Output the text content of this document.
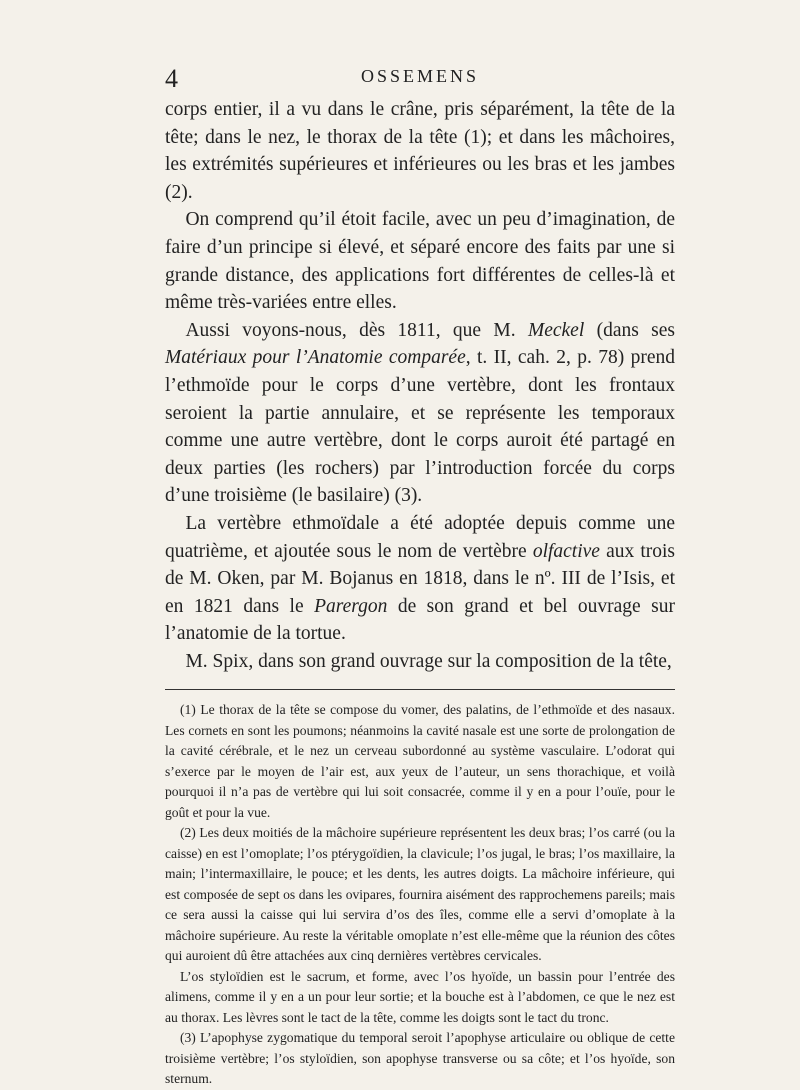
4	OSSEMENS

corps entier, il a vu dans le crâne, pris séparément, la tête de la tête; dans le nez, le thorax de la tête (1); et dans les mâchoires, les extrémités supérieures et inférieures ou les bras et les jambes (2).

On comprend qu’il étoit facile, avec un peu d’imagination, de faire d’un principe si élevé, et séparé encore des faits par une si grande distance, des applications fort différentes de celles-là et même très-variées entre elles.

Aussi voyons-nous, dès 1811, que M. Meckel (dans ses Matériaux pour l’Anatomie comparée, t. II, cah. 2, p. 78) prend l’ethmoïde pour le corps d’une vertèbre, dont les frontaux seroient la partie annulaire, et se représente les temporaux comme une autre vertèbre, dont le corps auroit été partagé en deux parties (les rochers) par l’introduction forcée du corps d’une troisième (le basilaire) (3).

La vertèbre ethmoïdale a été adoptée depuis comme une quatrième, et ajoutée sous le nom de vertèbre olfactive aux trois de M. Oken, par M. Bojanus en 1818, dans le nº. III de l’Isis, et en 1821 dans le Parergon de son grand et bel ouvrage sur l’anatomie de la tortue.

M. Spix, dans son grand ouvrage sur la composition de la tête,

(1) Le thorax de la tête se compose du vomer, des palatins, de l’ethmoïde et des nasaux. Les cornets en sont les poumons; néanmoins la cavité nasale est une sorte de prolongation de la cavité cérébrale, et le nez un cerveau subordonné au système vasculaire. L’odorat qui s’exerce par le moyen de l’air est, aux yeux de l’auteur, un sens thorachique, et voilà pourquoi il n’a pas de vertèbre qui lui soit consacrée, comme il y en a pour l’ouïe, pour le goût et pour la vue.

(2) Les deux moitiés de la mâchoire supérieure représentent les deux bras; l’os carré (ou la caisse) en est l’omoplate; l’os ptérygoïdien, la clavicule; l’os jugal, le bras; l’os maxillaire, la main; l’intermaxillaire, le pouce; et les dents, les autres doigts. La mâchoire inférieure, qui est composée de sept os dans les ovipares, fournira aisément des rapprochemens pareils; mais ce sera aussi la caisse qui lui servira d’os des îles, comme elle a servi d’omoplate à la mâchoire supérieure. Au reste la véritable omoplate n’est elle-même que la réunion des côtes qui auroient dû être attachées aux cinq dernières vertèbres cervicales.

L’os styloïdien est le sacrum, et forme, avec l’os hyoïde, un bassin pour l’entrée des alimens, comme il y en a un pour leur sortie; et la bouche est à l’abdomen, ce que le nez est au thorax. Les lèvres sont le tact de la tête, comme les doigts sont le tact du tronc.

(3) L’apophyse zygomatique du temporal seroit l’apophyse articulaire ou oblique de cette troisième vertèbre; l’os styloïdien, son apophyse transverse ou sa côte; et l’os hyoïde, son sternum.
